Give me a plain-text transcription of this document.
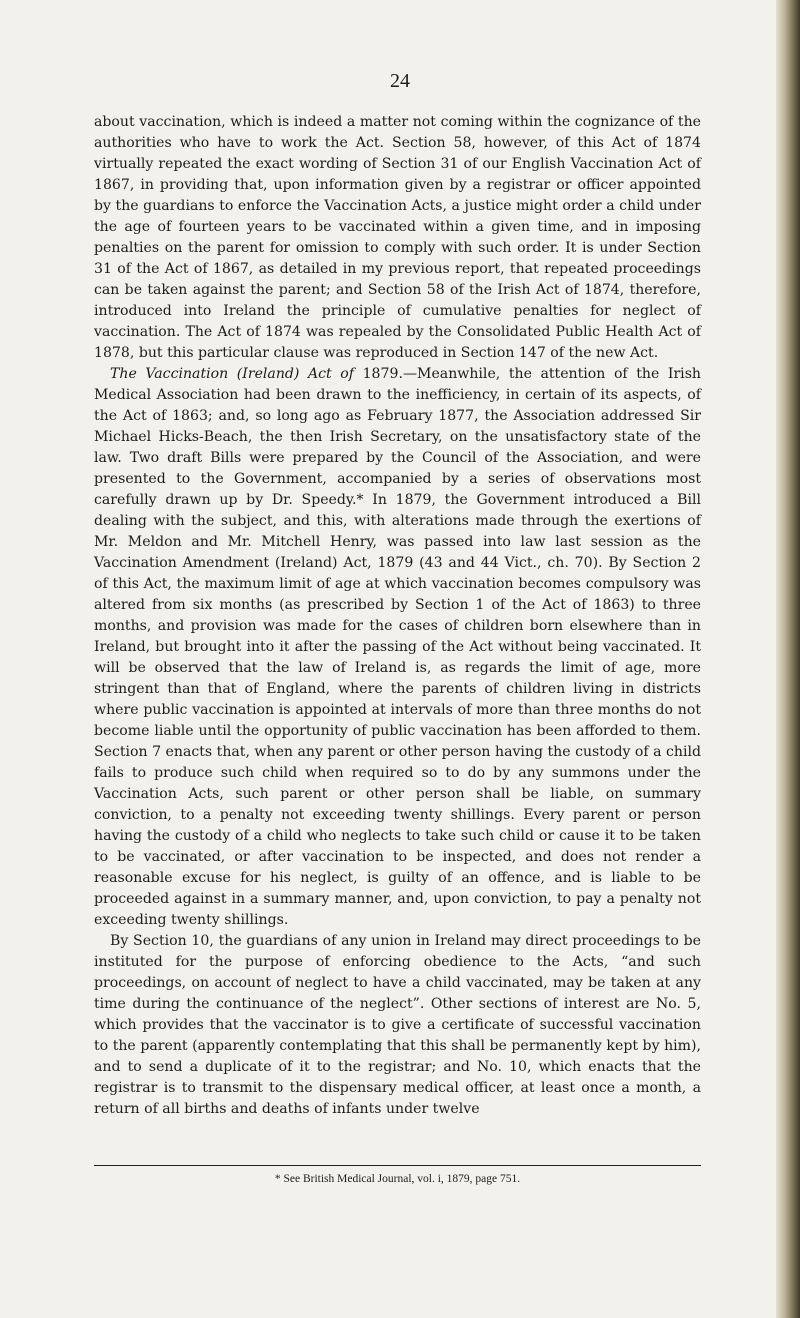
24

about vaccination, which is indeed a matter not coming within the cognizance of the authorities who have to work the Act. Section 58, however, of this Act of 1874 virtually repeated the exact wording of Section 31 of our English Vaccination Act of 1867, in providing that, upon information given by a registrar or officer appointed by the guardians to enforce the Vaccination Acts, a justice might order a child under the age of fourteen years to be vaccinated within a given time, and in imposing penalties on the parent for omission to comply with such order. It is under Section 31 of the Act of 1867, as detailed in my previous report, that repeated proceedings can be taken against the parent; and Section 58 of the Irish Act of 1874, therefore, introduced into Ireland the principle of cumulative penalties for neglect of vaccination. The Act of 1874 was repealed by the Consolidated Public Health Act of 1878, but this particular clause was reproduced in Section 147 of the new Act.

The Vaccination (Ireland) Act of 1879.—Meanwhile, the attention of the Irish Medical Association had been drawn to the inefficiency, in certain of its aspects, of the Act of 1863; and, so long ago as February 1877, the Association addressed Sir Michael Hicks-Beach, the then Irish Secretary, on the unsatisfactory state of the law. Two draft Bills were prepared by the Council of the Association, and were presented to the Government, accompanied by a series of observations most carefully drawn up by Dr. Speedy.* In 1879, the Government introduced a Bill dealing with the subject, and this, with alterations made through the exertions of Mr. Meldon and Mr. Mitchell Henry, was passed into law last session as the Vaccination Amendment (Ireland) Act, 1879 (43 and 44 Vict., ch. 70). By Section 2 of this Act, the maximum limit of age at which vaccination becomes compulsory was altered from six months (as prescribed by Section 1 of the Act of 1863) to three months, and provision was made for the cases of children born elsewhere than in Ireland, but brought into it after the passing of the Act without being vaccinated. It will be observed that the law of Ireland is, as regards the limit of age, more stringent than that of England, where the parents of children living in districts where public vaccination is appointed at intervals of more than three months do not become liable until the opportunity of public vaccination has been afforded to them. Section 7 enacts that, when any parent or other person having the custody of a child fails to produce such child when required so to do by any summons under the Vaccination Acts, such parent or other person shall be liable, on summary conviction, to a penalty not exceeding twenty shillings. Every parent or person having the custody of a child who neglects to take such child or cause it to be taken to be vaccinated, or after vaccination to be inspected, and does not render a reasonable excuse for his neglect, is guilty of an offence, and is liable to be proceeded against in a summary manner, and, upon conviction, to pay a penalty not exceeding twenty shillings.

By Section 10, the guardians of any union in Ireland may direct proceedings to be instituted for the purpose of enforcing obedience to the Acts, “and such proceedings, on account of neglect to have a child vaccinated, may be taken at any time during the continuance of the neglect”. Other sections of interest are No. 5, which provides that the vaccinator is to give a certificate of successful vaccination to the parent (apparently contemplating that this shall be permanently kept by him), and to send a duplicate of it to the registrar; and No. 10, which enacts that the registrar is to transmit to the dispensary medical officer, at least once a month, a return of all births and deaths of infants under twelve

* See British Medical Journal, vol. i, 1879, page 751.
